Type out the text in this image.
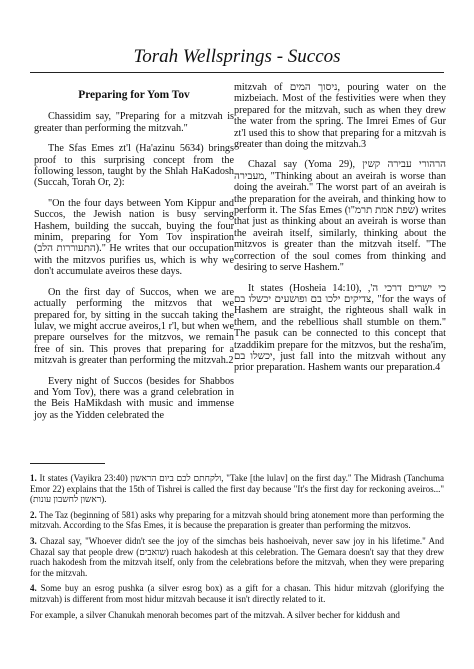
Torah Wellsprings - Succos
Preparing for Yom Tov

Chassidim say, "Preparing for a mitzvah is greater than performing the mitzvah."

The Sfas Emes zt'l (Ha'azinu 5634) brings proof to this surprising concept from the following lesson, taught by the Shlah HaKadosh (Succah, Torah Or, 2):

"On the four days between Yom Kippur and Succos, the Jewish nation is busy serving Hashem, building the succah, buying the four minim, preparing for Yom Tov inspiration (התעוררות הלב)." He writes that our occupation with the mitzvos purifies us, which is why we don't accumulate aveiros these days.

On the first day of Succos, when we are actually performing the mitzvos that we prepared for, by sitting in the succah taking the lulav, we might accrue aveiros,1 r'l, but when we prepare ourselves for the mitzvos, we remain free of sin. This proves that preparing for a mitzvah is greater than performing the mitzvah.2

Every night of Succos (besides for Shabbos and Yom Tov), there was a grand celebration in the Beis HaMikdash with music and immense joy as the Yidden celebrated the

mitzvah of ניסוך המים, pouring water on the mizbeiach. Most of the festivities were when they prepared for the mitzvah, such as when they drew the water from the spring. The Imrei Emes of Gur zt'l used this to show that preparing for a mitzvah is greater than doing the mitzvah.3

Chazal say (Yoma 29), הרהורי עבירה קשין מעבירה, "Thinking about an aveirah is worse than doing the aveirah." The worst part of an aveirah is the preparation for the aveirah, and thinking how to perform it. The Sfas Emes (שפת אמת תרמ"ו) writes that just as thinking about an aveirah is worse than the aveirah itself, similarly, thinking about the mitzvos is greater than the mitzvah itself. "The correction of the soul comes from thinking and desiring to serve Hashem."

It states (Hosheia 14:10), כי ישרים דרכי ה', צדיקים ילכו בם ופושעים יכשלו בם, "for the ways of Hashem are straight, the righteous shall walk in them, and the rebellious shall stumble on them." The pasuk can be connected to this concept that tzaddikim prepare for the mitzvos, but the resha'im, יכשלו בם, just fall into the mitzvah without any prior preparation. Hashem wants our preparation.4

1. It states (Vayikra 23:40) ולקחתם לכם ביום הראשון, "Take [the lulav] on the first day." The Midrash (Tanchuma Emor 22) explains that the 15th of Tishrei is called the first day because "It's the first day for reckoning aveiros..." (ראשון לחשבון עונות).

2. The Taz (beginning of 581) asks why preparing for a mitzvah should bring atonement more than performing the mitzvah. According to the Sfas Emes, it is because the preparation is greater than performing the mitzvos.

3. Chazal say, "Whoever didn't see the joy of the simchas beis hashoeivah, never saw joy in his lifetime." And Chazal say that people drew (שואבים) ruach hakodesh at this celebration. The Gemara doesn't say that they drew ruach hakodesh from the mitzvah itself, only from the celebrations before the mitzvah, when they were preparing for the mitzvah.

4. Some buy an esrog pushka (a silver esrog box) as a gift for a chasan. This hidur mitzvah (glorifying the mitzvah) is different from most hidur mitzvah because it isn't directly related to it.

For example, a silver Chanukah menorah becomes part of the mitzvah. A silver becher for kiddush and
